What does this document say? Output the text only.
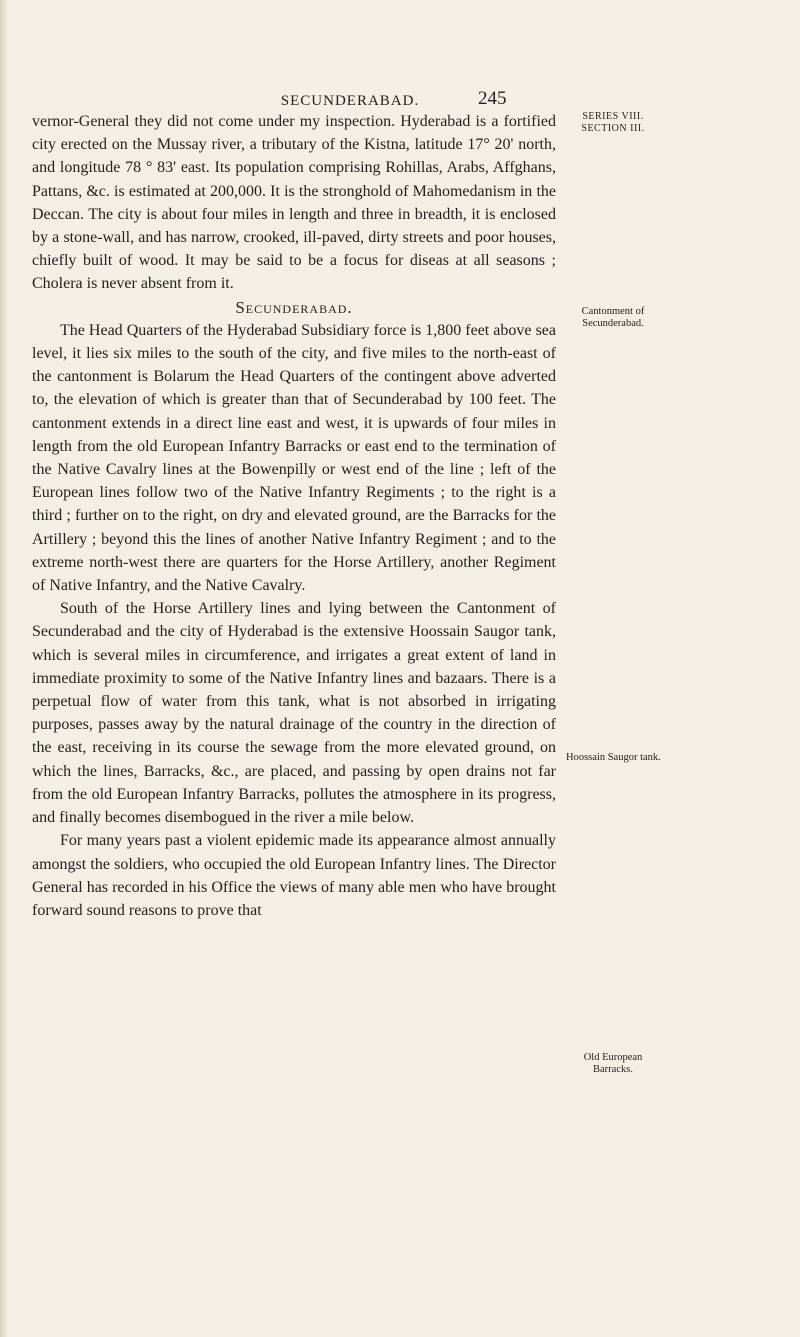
SECUNDERABAD.	245
SERIES VIII.
SECTION III.
Cantonment of Secunderabad.
Hoossain Saugor tank.
Old European Barracks.

vernor-General they did not come under my inspection. Hyderabad is a fortified city erected on the Mussay river, a tributary of the Kistna, latitude 17° 20' north, and longitude 78 ° 83' east. Its population comprising Rohillas, Arabs, Affghans, Pattans, &c. is estimated at 200,000. It is the stronghold of Mahomedanism in the Deccan. The city is about four miles in length and three in breadth, it is enclosed by a stone-wall, and has narrow, crooked, ill-paved, dirty streets and poor houses, chiefly built of wood. It may be said to be a focus for diseas at all seasons ; Cholera is never absent from it.

Secunderabad.

The Head Quarters of the Hyderabad Subsidiary force is 1,800 feet above sea level, it lies six miles to the south of the city, and five miles to the north-east of the cantonment is Bolarum the Head Quarters of the contingent above adverted to, the elevation of which is greater than that of Secunderabad by 100 feet. The cantonment extends in a direct line east and west, it is upwards of four miles in length from the old European Infantry Barracks or east end to the termination of the Native Cavalry lines at the Bowenpilly or west end of the line ; left of the European lines follow two of the Native Infantry Regiments ; to the right is a third ; further on to the right, on dry and elevated ground, are the Barracks for the Artillery ; beyond this the lines of another Native Infantry Regiment ; and to the extreme north-west there are quarters for the Horse Artillery, another Regiment of Native Infantry, and the Native Cavalry.

South of the Horse Artillery lines and lying between the Cantonment of Secunderabad and the city of Hyderabad is the extensive Hoossain Saugor tank, which is several miles in circumference, and irrigates a great extent of land in immediate proximity to some of the Native Infantry lines and bazaars. There is a perpetual flow of water from this tank, what is not absorbed in irrigating purposes, passes away by the natural drainage of the country in the direction of the east, receiving in its course the sewage from the more elevated ground, on which the lines, Barracks, &c., are placed, and passing by open drains not far from the old European Infantry Barracks, pollutes the atmosphere in its progress, and finally becomes disembogued in the river a mile below.

For many years past a violent epidemic made its appearance almost annually amongst the soldiers, who occupied the old European Infantry lines. The Director General has recorded in his Office the views of many able men who have brought forward sound reasons to prove that
